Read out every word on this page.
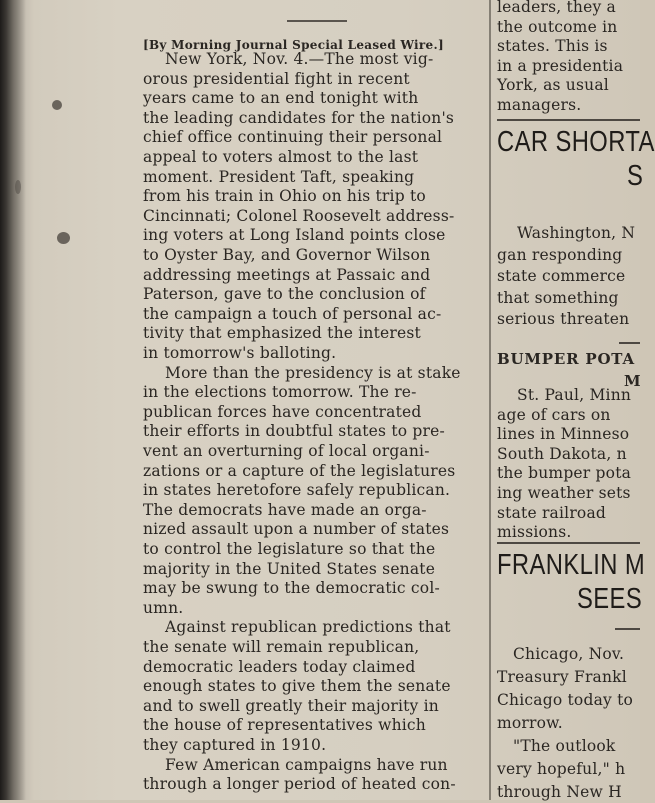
[By Morning Journal Special Leased Wire.]
New York, Nov. 4.—The most vig-
orous presidential fight in recent
years came to an end tonight with
the leading candidates for the nation's
chief office continuing their personal
appeal to voters almost to the last
moment. President Taft, speaking
from his train in Ohio on his trip to
Cincinnati; Colonel Roosevelt address-
ing voters at Long Island points close
to Oyster Bay, and Governor Wilson
addressing meetings at Passaic and
Paterson, gave to the conclusion of
the campaign a touch of personal ac-
tivity that emphasized the interest
in tomorrow's balloting.
More than the presidency is at stake
in the elections tomorrow. The re-
publican forces have concentrated
their efforts in doubtful states to pre-
vent an overturning of local organi-
zations or a capture of the legislatures
in states heretofore safely republican.
The democrats have made an orga-
nized assault upon a number of states
to control the legislature so that the
majority in the United States senate
may be swung to the democratic col-
umn.
Against republican predictions that
the senate will remain republican,
democratic leaders today claimed
enough states to give them the senate
and to swell greatly their majority in
the house of representatives which
they captured in 1910.
Few American campaigns have run
through a longer period of heated con-
leaders, they a
the outcome in
states. This is
in a presidentia
York, as usual
managers.
CAR SHORTA
S
Washington, N
gan responding
state commerce
that something
serious threaten
BUMPER POTA
M
St. Paul, Minn
age of cars on
lines in Minneso
South Dakota, n
the bumper pota
ing weather sets
state railroad
missions.
FRANKLIN M
SEES
Chicago, Nov.
Treasury Frankl
Chicago today to
morrow.
"The outlook
very hopeful," h
through New H
